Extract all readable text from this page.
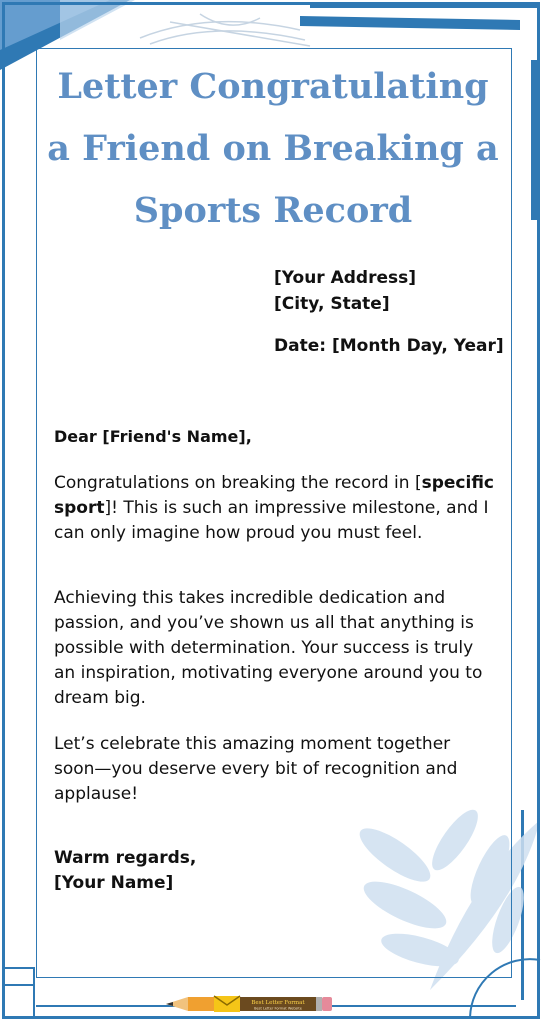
Letter Congratulating a Friend on Breaking a Sports Record
[Your Address]
[City, State]
Date: [Month Day, Year]
Dear [Friend's Name],

Congratulations on breaking the record in [specific sport]! This is such an impressive milestone, and I can only imagine how proud you must feel.

Achieving this takes incredible dedication and passion, and you’ve shown us all that anything is possible with determination. Your success is truly an inspiration, motivating everyone around you to dream big.

Let’s celebrate this amazing moment together soon—you deserve every bit of recognition and applause!

Warm regards,
[Your Name]
Best Letter Format
Best Letter Format Website
